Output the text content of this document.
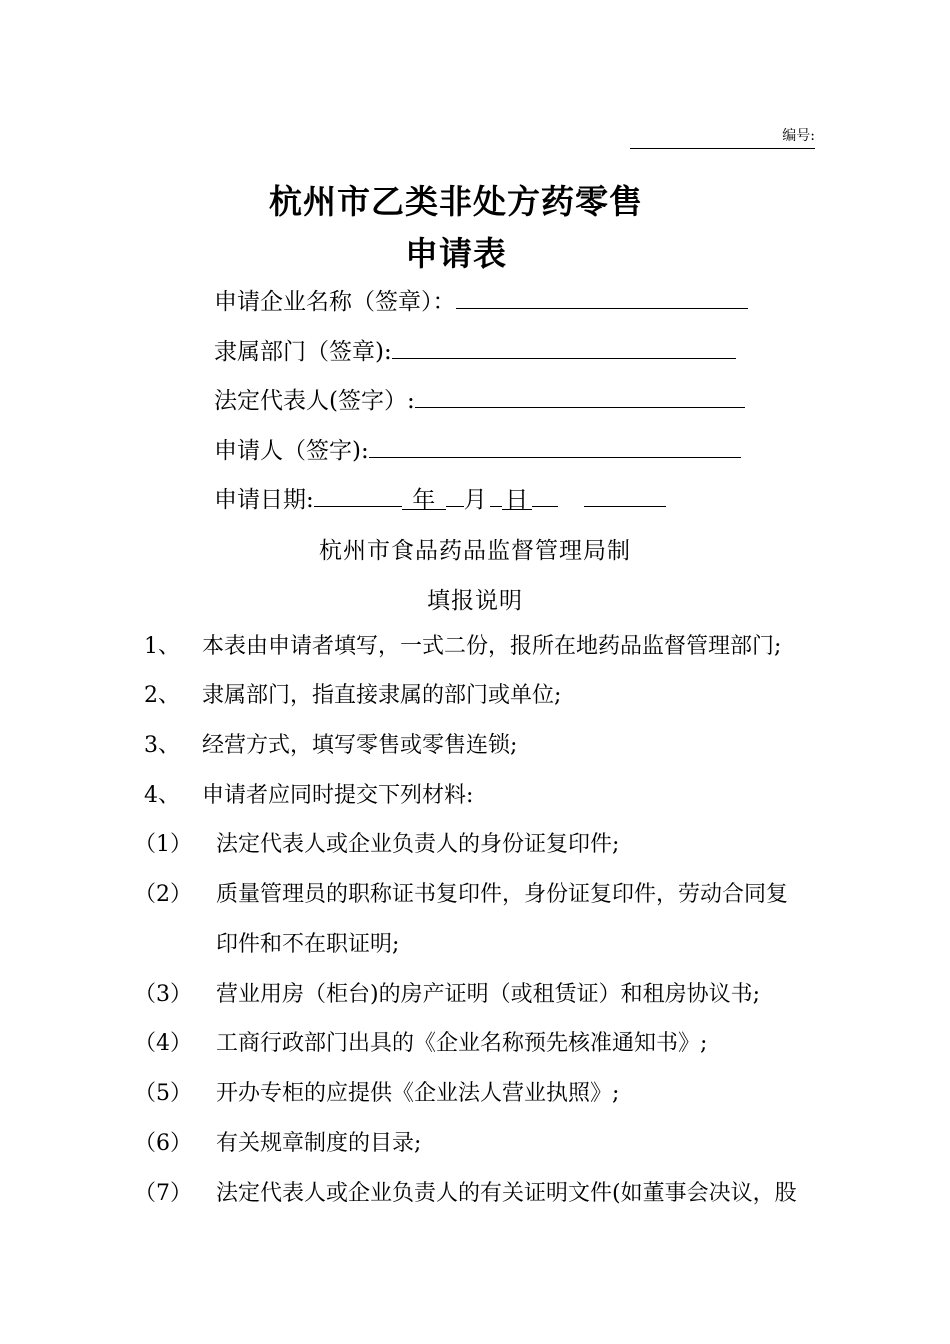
编号:
杭州市乙类非处方药零售
申请表
申请企业名称（签章）：
隶属部门（签章):
法定代表人(签字）:
申请人（签字):
申请日期:	年 月 日
杭州市食品药品监督管理局制
填报说明
1、 本表由申请者填写，一式二份，报所在地药品监督管理部门;
2、 隶属部门，指直接隶属的部门或单位;
3、 经营方式，填写零售或零售连锁;
4、 申请者应同时提交下列材料:
（1） 法定代表人或企业负责人的身份证复印件;
（2） 质量管理员的职称证书复印件，身份证复印件，劳动合同复
印件和不在职证明;
（3） 营业用房（柜台)的房产证明（或租赁证）和租房协议书;
（4） 工商行政部门出具的《企业名称预先核准通知书》;
（5） 开办专柜的应提供《企业法人营业执照》;
（6） 有关规章制度的目录;
（7） 法定代表人或企业负责人的有关证明文件(如董事会决议，股
